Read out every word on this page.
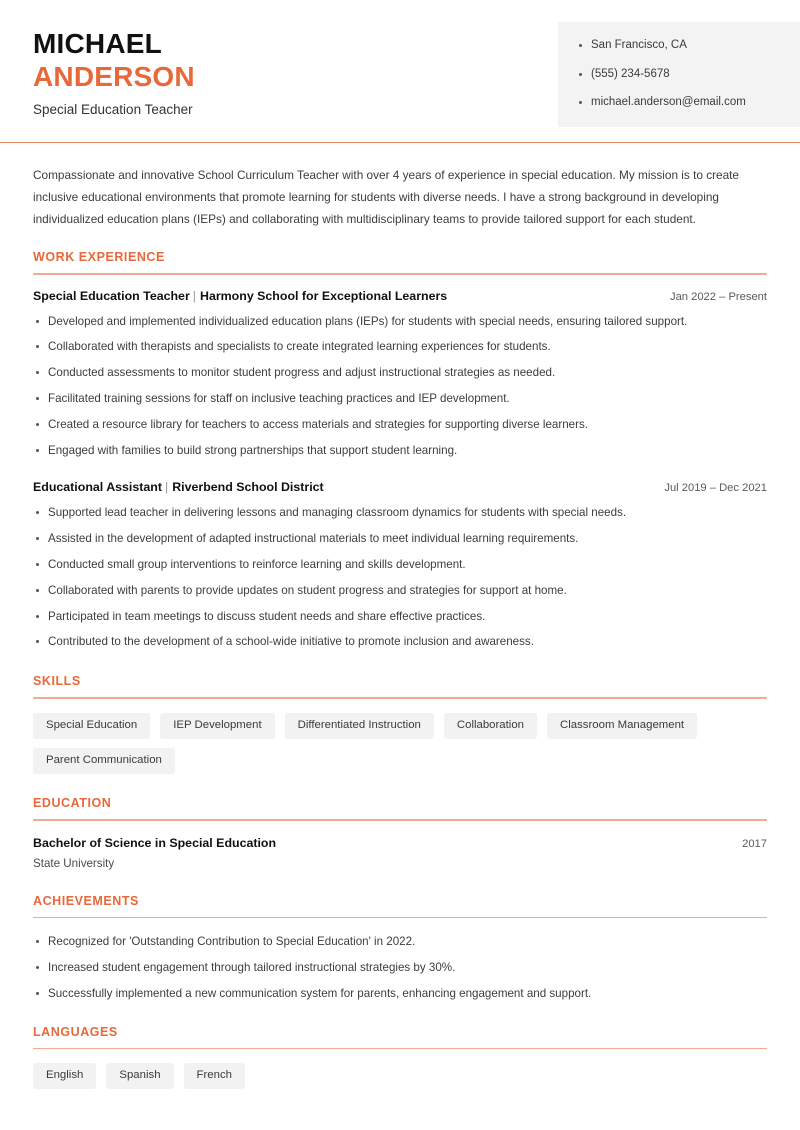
MICHAEL
ANDERSON
Special Education Teacher
San Francisco, CA
(555) 234-5678
michael.anderson@email.com

Compassionate and innovative School Curriculum Teacher with over 4 years of experience in special education. My mission is to create inclusive educational environments that promote learning for students with diverse needs. I have a strong background in developing individualized education plans (IEPs) and collaborating with multidisciplinary teams to provide tailored support for each student.

WORK EXPERIENCE
Special Education Teacher | Harmony School for Exceptional Learners	Jan 2022 – Present
Developed and implemented individualized education plans (IEPs) for students with special needs, ensuring tailored support.
Collaborated with therapists and specialists to create integrated learning experiences for students.
Conducted assessments to monitor student progress and adjust instructional strategies as needed.
Facilitated training sessions for staff on inclusive teaching practices and IEP development.
Created a resource library for teachers to access materials and strategies for supporting diverse learners.
Engaged with families to build strong partnerships that support student learning.
Educational Assistant | Riverbend School District	Jul 2019 – Dec 2021
Supported lead teacher in delivering lessons and managing classroom dynamics for students with special needs.
Assisted in the development of adapted instructional materials to meet individual learning requirements.
Conducted small group interventions to reinforce learning and skills development.
Collaborated with parents to provide updates on student progress and strategies for support at home.
Participated in team meetings to discuss student needs and share effective practices.
Contributed to the development of a school-wide initiative to promote inclusion and awareness.
SKILLS
Special Education	IEP Development	Differentiated Instruction	Collaboration	Classroom Management
Parent Communication
EDUCATION
Bachelor of Science in Special Education	2017
State University
ACHIEVEMENTS
Recognized for 'Outstanding Contribution to Special Education' in 2022.
Increased student engagement through tailored instructional strategies by 30%.
Successfully implemented a new communication system for parents, enhancing engagement and support.
LANGUAGES
English	Spanish	French
